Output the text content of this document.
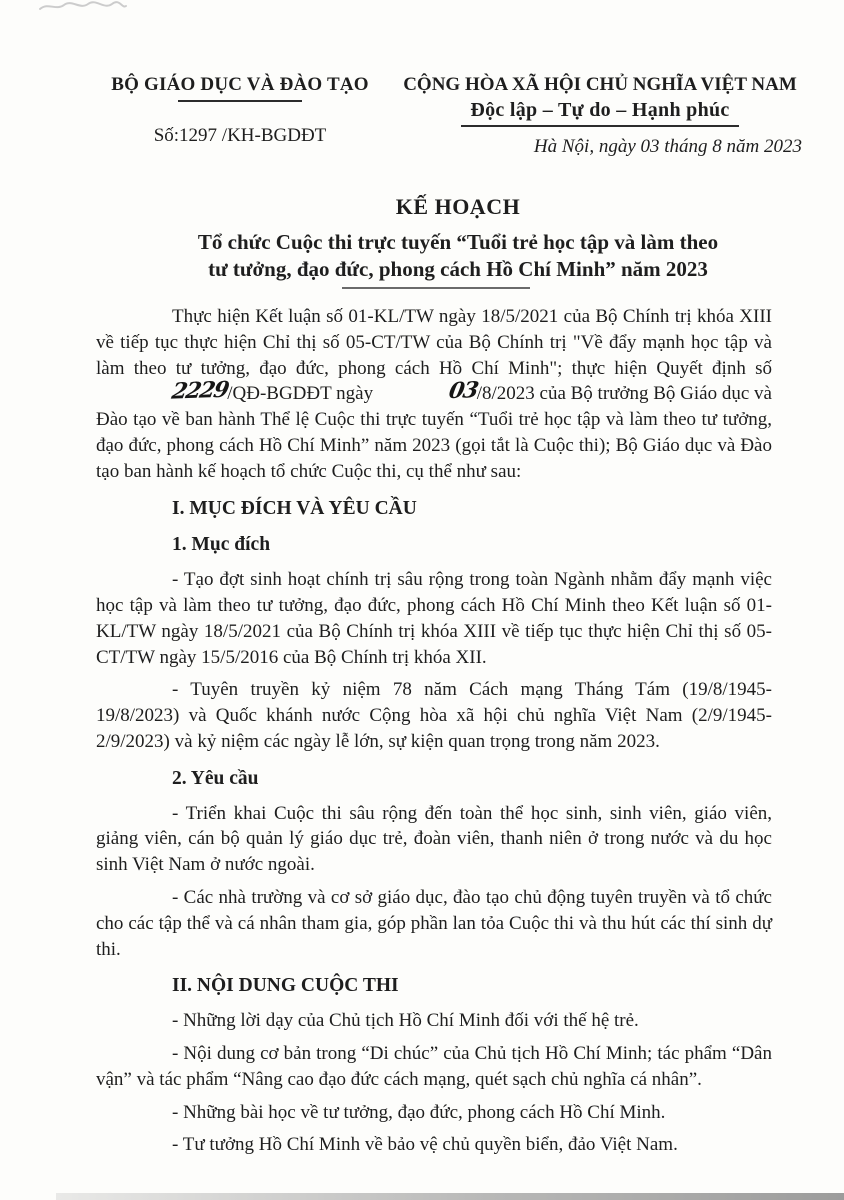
BỘ GIÁO DỤC VÀ ĐÀO TẠO
Số:1297 /KH-BGDĐT
CỘNG HÒA XÃ HỘI CHỦ NGHĨA VIỆT NAM
Độc lập – Tự do – Hạnh phúc
Hà Nội, ngày 03 tháng 8 năm 2023
KẾ HOẠCH
Tổ chức Cuộc thi trực tuyến “Tuổi trẻ học tập và làm theo
tư tưởng, đạo đức, phong cách Hồ Chí Minh” năm 2023

Thực hiện Kết luận số 01-KL/TW ngày 18/5/2021 của Bộ Chính trị khóa XIII về tiếp tục thực hiện Chỉ thị số 05-CT/TW của Bộ Chính trị "Về đẩy mạnh học tập và làm theo tư tưởng, đạo đức, phong cách Hồ Chí Minh"; thực hiện Quyết định số2229/QĐ-BGDĐT ngày	03/8/2023 của Bộ trưởng Bộ Giáo dục và Đào tạo về ban hành Thể lệ Cuộc thi trực tuyến “Tuổi trẻ học tập và làm theo tư tưởng, đạo đức, phong cách Hồ Chí Minh” năm 2023 (gọi tắt là Cuộc thi); Bộ Giáo dục và Đào tạo ban hành kế hoạch tổ chức Cuộc thi, cụ thể như sau:

I. MỤC ĐÍCH VÀ YÊU CẦU

1. Mục đích

- Tạo đợt sinh hoạt chính trị sâu rộng trong toàn Ngành nhằm đẩy mạnh việc học tập và làm theo tư tưởng, đạo đức, phong cách Hồ Chí Minh theo Kết luận số 01-KL/TW ngày 18/5/2021 của Bộ Chính trị khóa XIII về tiếp tục thực hiện Chỉ thị số 05-CT/TW ngày 15/5/2016 của Bộ Chính trị khóa XII.

- Tuyên truyền kỷ niệm 78 năm Cách mạng Tháng Tám (19/8/1945-19/8/2023) và Quốc khánh nước Cộng hòa xã hội chủ nghĩa Việt Nam (2/9/1945-2/9/2023) và kỷ niệm các ngày lễ lớn, sự kiện quan trọng trong năm 2023.

2. Yêu cầu

- Triển khai Cuộc thi sâu rộng đến toàn thể học sinh, sinh viên, giáo viên, giảng viên, cán bộ quản lý giáo dục trẻ, đoàn viên, thanh niên ở trong nước và du học sinh Việt Nam ở nước ngoài.

- Các nhà trường và cơ sở giáo dục, đào tạo chủ động tuyên truyền và tổ chức cho các tập thể và cá nhân tham gia, góp phần lan tỏa Cuộc thi và thu hút các thí sinh dự thi.

II. NỘI DUNG CUỘC THI

- Những lời dạy của Chủ tịch Hồ Chí Minh đối với thế hệ trẻ.

- Nội dung cơ bản trong “Di chúc” của Chủ tịch Hồ Chí Minh; tác phẩm “Dân vận” và tác phẩm “Nâng cao đạo đức cách mạng, quét sạch chủ nghĩa cá nhân”.

- Những bài học về tư tưởng, đạo đức, phong cách Hồ Chí Minh.

- Tư tưởng Hồ Chí Minh về bảo vệ chủ quyền biển, đảo Việt Nam.
